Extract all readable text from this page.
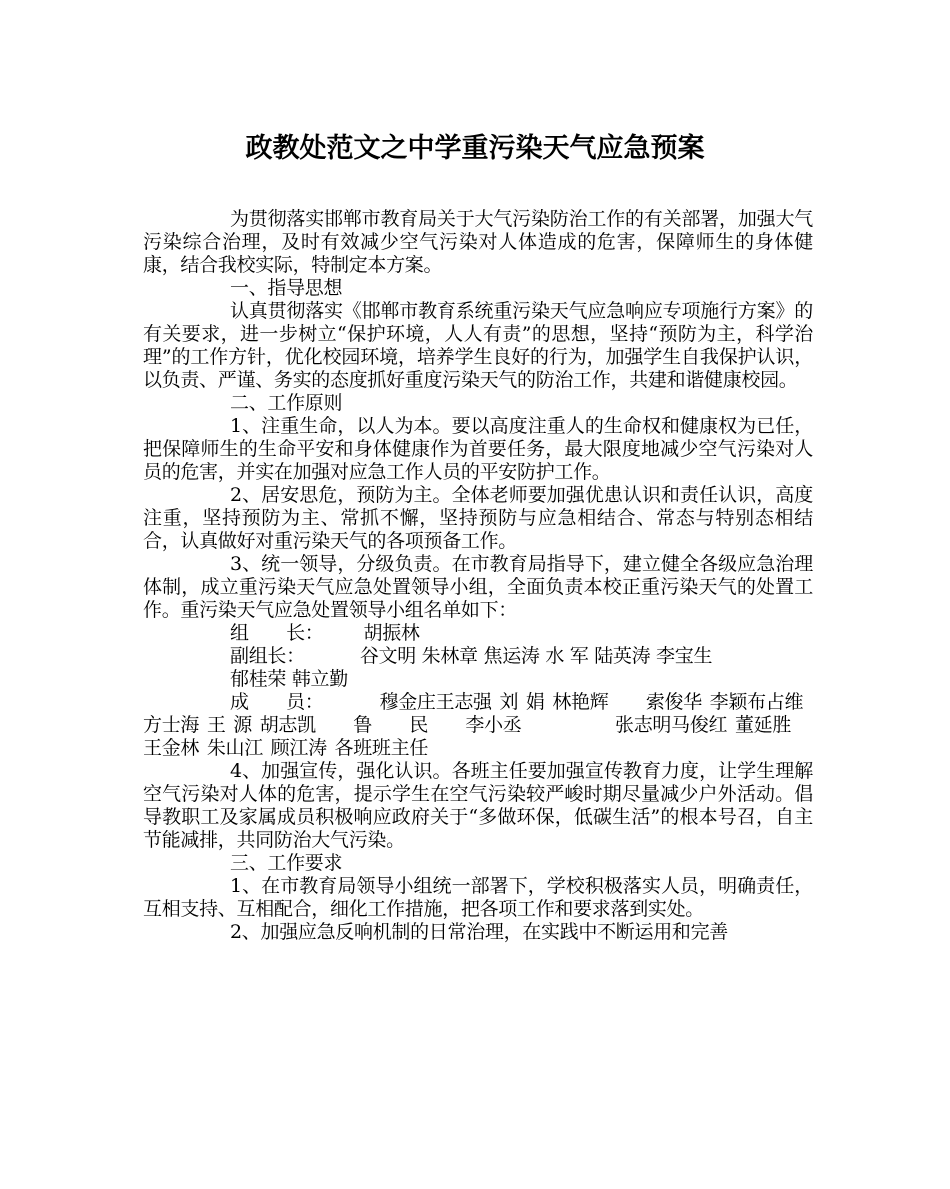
政教处范文之中学重污染天气应急预案

为贯彻落实邯郸市教育局关于大气污染防治工作的有关部署，加强大气污染综合治理，及时有效减少空气污染对人体造成的危害，保障师生的身体健康，结合我校实际，特制定本方案。

一、指导思想

认真贯彻落实《邯郸市教育系统重污染天气应急响应专项施行方案》的有关要求，进一步树立“保护环境，人人有责”的思想，坚持“预防为主，科学治理”的工作方针，优化校园环境，培养学生良好的行为，加强学生自我保护认识，以负责、严谨、务实的态度抓好重度污染天气的防治工作，共建和谐健康校园。

二、工作原则

1、注重生命，以人为本。要以高度注重人的生命权和健康权为已任，把保障师生的生命平安和身体健康作为首要任务，最大限度地减少空气污染对人员的危害，并实在加强对应急工作人员的平安防护工作。

2、居安思危，预防为主。全体老师要加强优患认识和责任认识，高度注重，坚持预防为主、常抓不懈，坚持预防与应急相结合、常态与特别态相结合，认真做好对重污染天气的各项预备工作。

3、统一领导，分级负责。在市教育局指导下，建立健全各级应急治理体制，成立重污染天气应急处置领导小组，全面负责本校正重污染天气的处置工作。重污染天气应急处置领导小组名单如下：

组　　长： 胡振林

副组长：	谷文明 朱林章 焦运涛 水 军 陆英涛 李宝生

郁桂荣 韩立勤

成　　员：	穆金庄王志强 刘 娟 林艳辉　　索俊华 李颖布占维 方士海 王 源 胡志凯　　鲁　　民　　李小丞　　　　　张志明马俊红 董延胜 王金林 朱山江 顾江涛 各班班主任

4、加强宣传，强化认识。各班主任要加强宣传教育力度，让学生理解空气污染对人体的危害，提示学生在空气污染较严峻时期尽量减少户外活动。倡导教职工及家属成员积极响应政府关于“多做环保，低碳生活”的根本号召，自主节能减排，共同防治大气污染。

三、工作要求

1、在市教育局领导小组统一部署下，学校积极落实人员，明确责任，互相支持、互相配合，细化工作措施，把各项工作和要求落到实处。

2、加强应急反响机制的日常治理，在实践中不断运用和完善
